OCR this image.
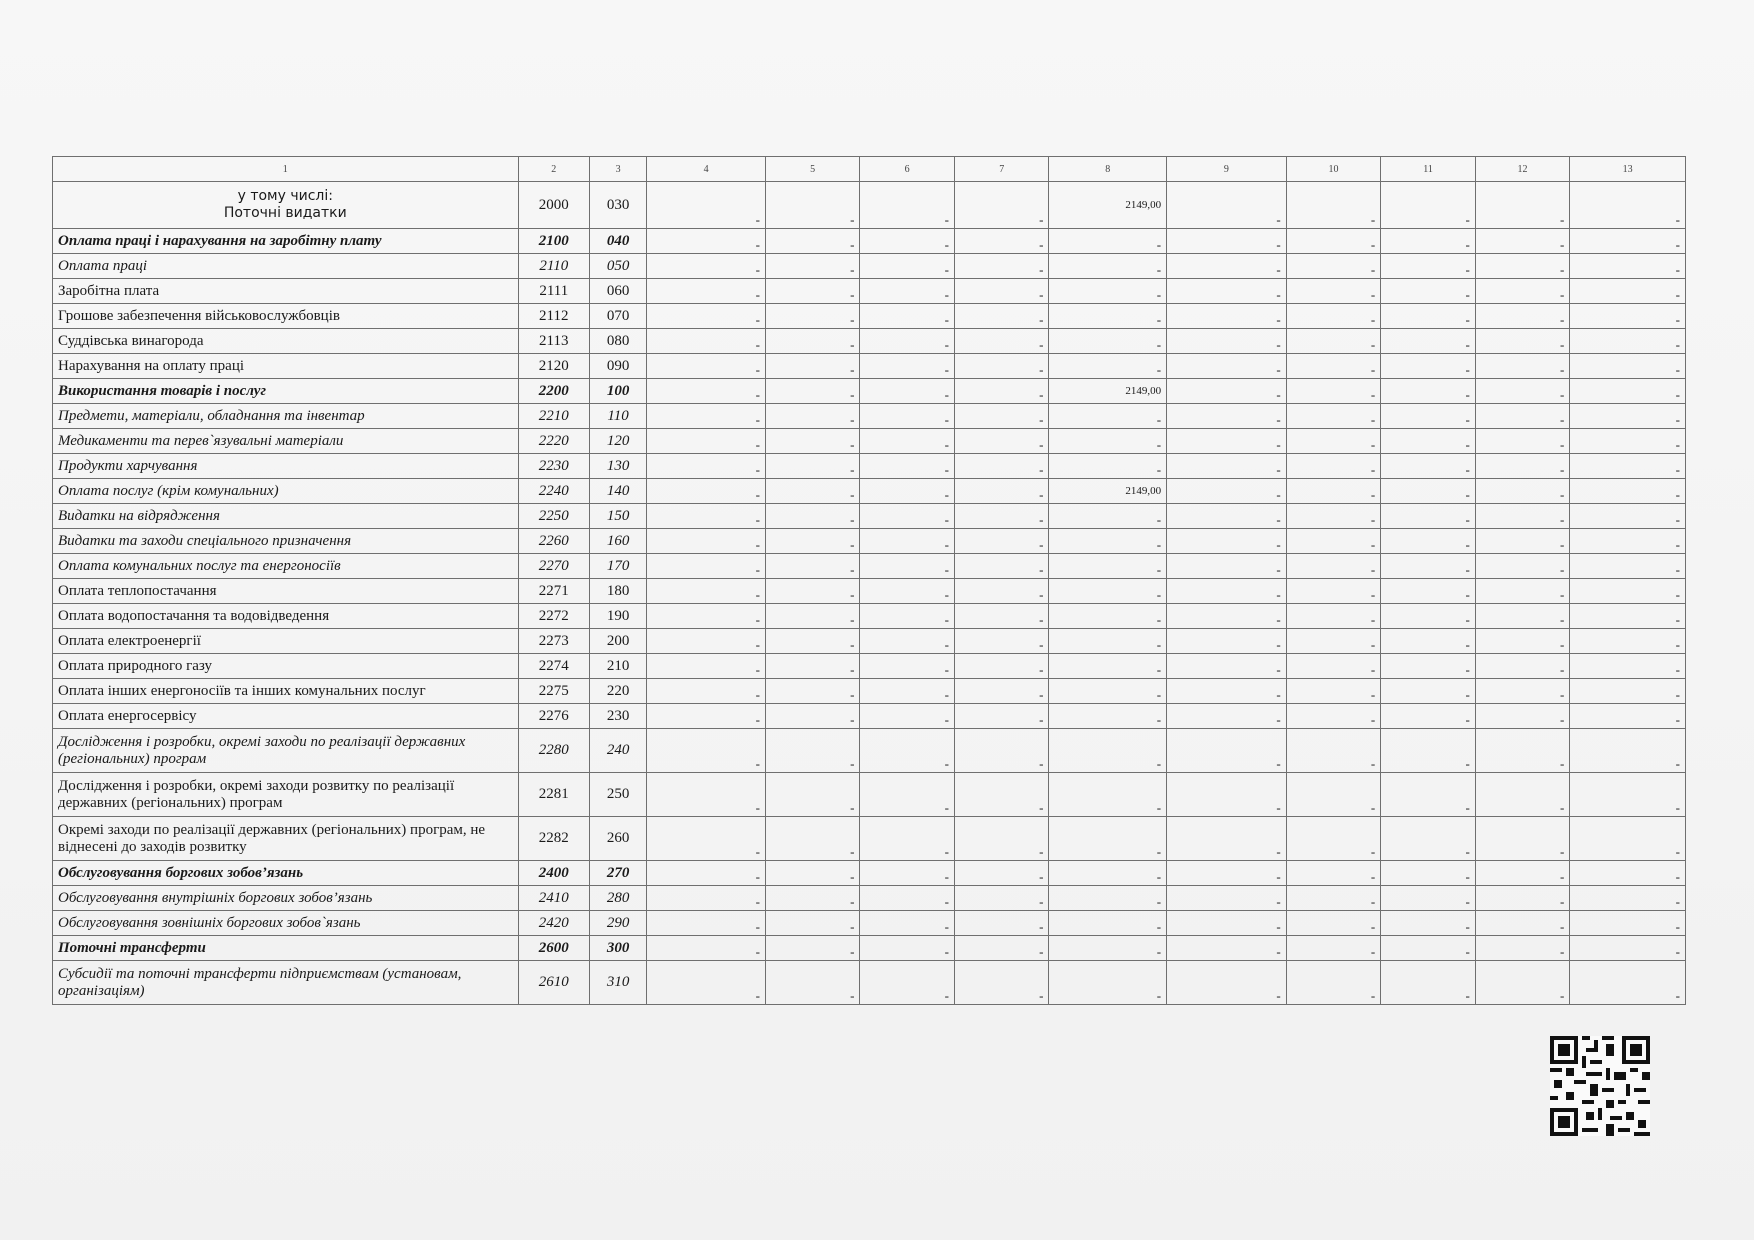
1	2	3	4	5	6	7	8	9	10	11	12	13
у тому числі:
Поточні видатки	2000	030	-	-	-	-	2149,00	-	-	-	-	-
Оплата праці і нарахування на заробітну плату	2100	040	-	-	-	-	-	-	-	-	-	-
Оплата праці	2110	050	-	-	-	-	-	-	-	-	-	-
Заробітна плата	2111	060	-	-	-	-	-	-	-	-	-	-
Грошове забезпечення військовослужбовців	2112	070	-	-	-	-	-	-	-	-	-	-
Суддівська винагорода	2113	080	-	-	-	-	-	-	-	-	-	-
Нарахування на оплату праці	2120	090	-	-	-	-	-	-	-	-	-	-
Використання товарів і послуг	2200	100	-	-	-	-	2149,00	-	-	-	-	-
Предмети, матеріали, обладнання та інвентар	2210	110	-	-	-	-	-	-	-	-	-	-
Медикаменти та перев`язувальні матеріали	2220	120	-	-	-	-	-	-	-	-	-	-
Продукти харчування	2230	130	-	-	-	-	-	-	-	-	-	-
Оплата послуг (крім комунальних)	2240	140	-	-	-	-	2149,00	-	-	-	-	-
Видатки на відрядження	2250	150	-	-	-	-	-	-	-	-	-	-
Видатки та заходи спеціального призначення	2260	160	-	-	-	-	-	-	-	-	-	-
Оплата комунальних послуг та енергоносіїв	2270	170	-	-	-	-	-	-	-	-	-	-
Оплата теплопостачання	2271	180	-	-	-	-	-	-	-	-	-	-
Оплата водопостачання та водовідведення	2272	190	-	-	-	-	-	-	-	-	-	-
Оплата електроенергії	2273	200	-	-	-	-	-	-	-	-	-	-
Оплата природного газу	2274	210	-	-	-	-	-	-	-	-	-	-
Оплата інших енергоносіїв та інших комунальних послуг	2275	220	-	-	-	-	-	-	-	-	-	-
Оплата енергосервісу	2276	230	-	-	-	-	-	-	-	-	-	-
Дослідження і розробки, окремі заходи по реалізації державних (регіональних) програм	2280	240	-	-	-	-	-	-	-	-	-	-
Дослідження і розробки, окремі заходи розвитку по реалізації державних (регіональних) програм	2281	250	-	-	-	-	-	-	-	-	-	-
Окремі заходи по реалізації державних (регіональних) програм, не віднесені до заходів розвитку	2282	260	-	-	-	-	-	-	-	-	-	-
Обслуговування боргових зобов’язань	2400	270	-	-	-	-	-	-	-	-	-	-
Обслуговування внутрішніх боргових зобов’язань	2410	280	-	-	-	-	-	-	-	-	-	-
Обслуговування зовнішніх боргових зобов`язань	2420	290	-	-	-	-	-	-	-	-	-	-
Поточні трансферти	2600	300	-	-	-	-	-	-	-	-	-	-
Субсидії та поточні трансферти підприємствам (установам, організаціям)	2610	310	-	-	-	-	-	-	-	-	-	-
